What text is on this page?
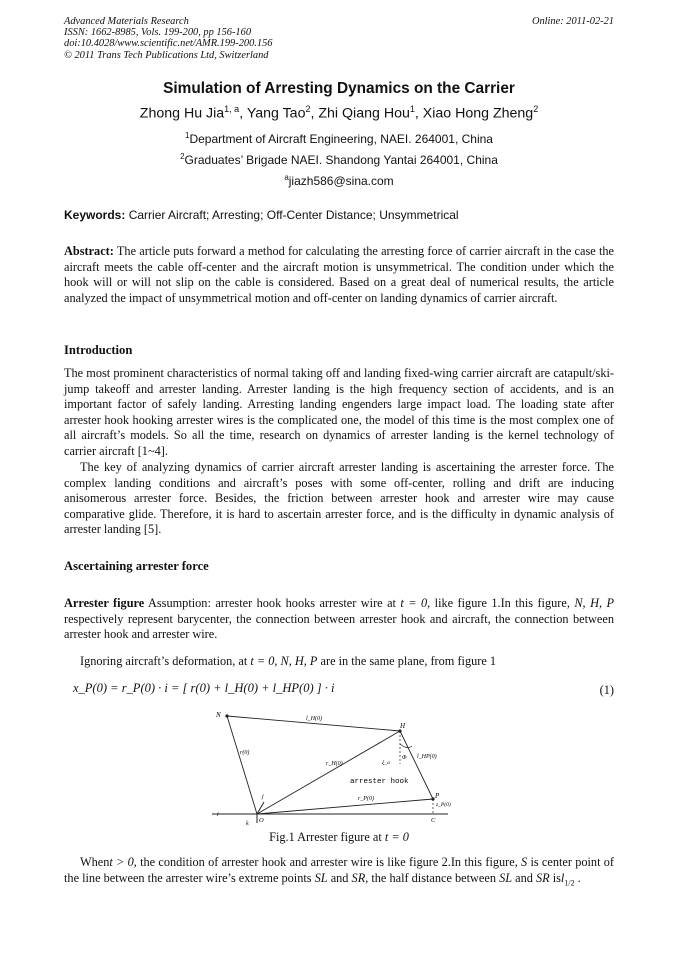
Advanced Materials Research
ISSN: 1662-8985, Vols. 199-200, pp 156-160
doi:10.4028/www.scientific.net/AMR.199-200.156
© 2011 Trans Tech Publications Ltd, Switzerland
Online: 2011-02-21
Simulation of Arresting Dynamics on the Carrier
Zhong Hu Jia$^{1, a}$, Yang Tao$^2$, Zhi Qiang Hou$^1$, Xiao Hong Zheng$^2$
$^1$Department of Aircraft Engineering, NAEI. 264001, China
$^2$Graduates’ Brigade NAEI. Shandong Yantai 264001, China
$^a$jiazh586@sina.com
Keywords: Carrier Aircraft; Arresting; Off-Center Distance; Unsymmetrical
Abstract: The article puts forward a method for calculating the arresting force of carrier aircraft in the case the aircraft meets the cable off-center and the aircraft motion is unsymmetrical. The condition under which the hook will or will not slip on the cable is considered. Based on a great deal of numerical results, the article analyzed the impact of unsymmetrical motion and off-center on landing dynamics of carrier aircraft.
Introduction
The most prominent characteristics of normal taking off and landing fixed-wing carrier aircraft are catapult/ski-jump takeoff and arrester landing. Arrester landing is the high frequency section of accidents, and is an important factor of safely landing. Arresting landing engenders large impact load. The loading state after arrester hook hooking arrester wires is the complicated one, the model of this time is the most complex one of all aircraft’s models. So all the time, research on dynamics of arrester landing is the kernel technology of carrier aircraft [1~4].
The key of analyzing dynamics of carrier aircraft arrester landing is ascertaining the arrester force. The complex landing conditions and aircraft’s poses with some off-center, rolling and drift are inducing anisomerous arrester force. Besides, the friction between arrester hook and arrester wire may cause comparative glide. Therefore, it is hard to ascertain arrester force, and is the difficulty in dynamic analysis of arrester landing [5].
Ascertaining arrester force
Arrester figure Assumption: arrester hook hooks arrester wire at t = 0, like figure 1.In this figure, N, H, P respectively represent barycenter, the connection between arrester hook and aircraft, the connection between arrester hook and arrester wire.
Ignoring aircraft’s deformation, at t = 0, N, H, P are in the same plane, from figure 1
x_P(0) = r_P(0) · i = [ r(0) + l_H(0) + l_HP(0) ] · i	(1)
N
H
P
O	C
l_H(0)
r(0)
r_H(0)
r_P(0)
l_HP(0)
Φ
ξ_a
j
i
k
z_P(0)
arrester hook
Fig.1 Arrester figure at t = 0
Whent > 0, the condition of arrester hook and arrester wire is like figure 2.In this figure, S is center point of the line between the arrester wire’s extreme points SL and SR, the half distance between SL and SR isl$_{1/2}$ .
